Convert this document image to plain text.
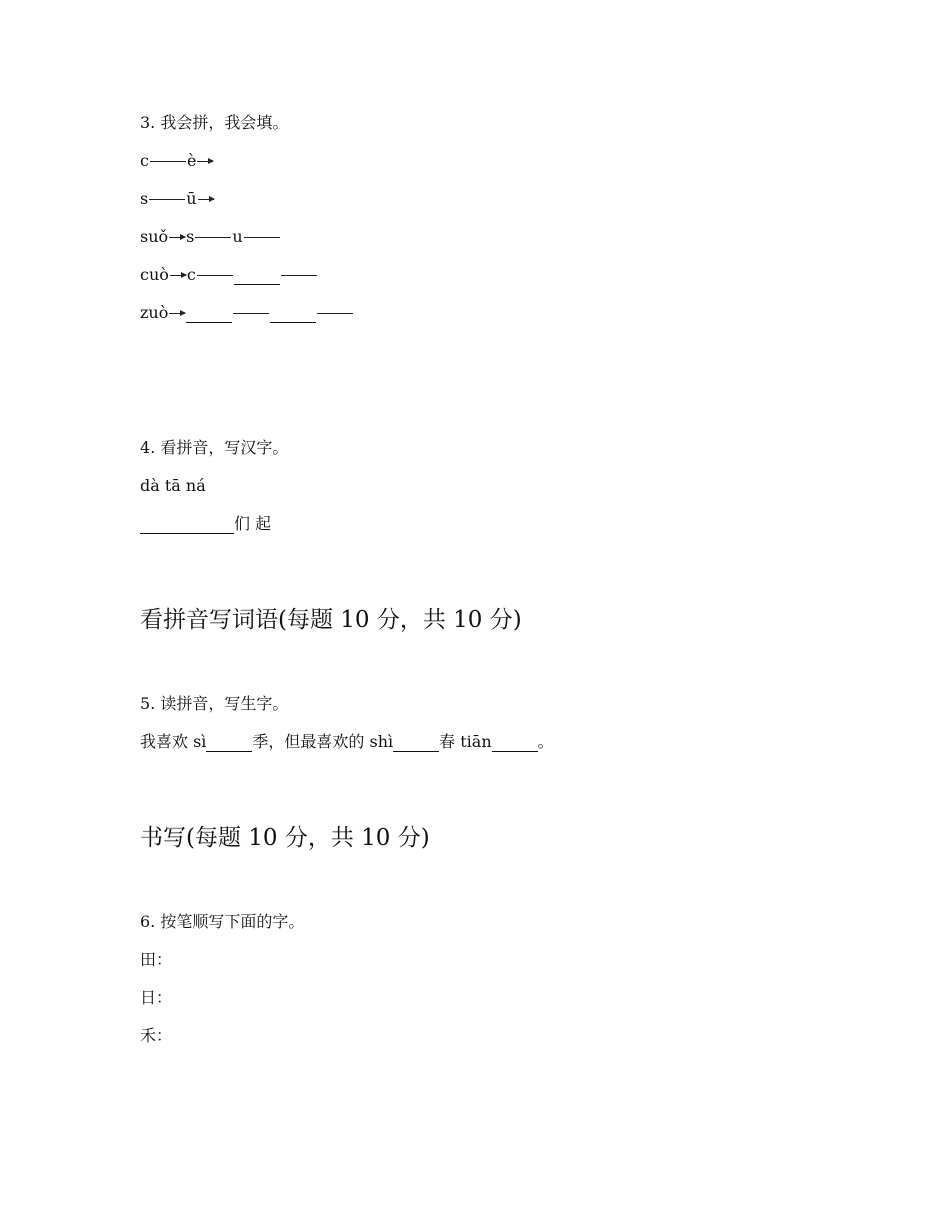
3. 我会拼，我会填。
c è
s ū
suǒ s u
cuò c
zuò
4. 看拼音，写汉字。
dà tā ná
们 起
看拼音写词语(每题 10 分，共 10 分)
5. 读拼音，写生字。
我喜欢 sì	季，但最喜欢的 shì	春 tiān	。
书写(每题 10 分，共 10 分)
6. 按笔顺写下面的字。
田：
日：
禾：
